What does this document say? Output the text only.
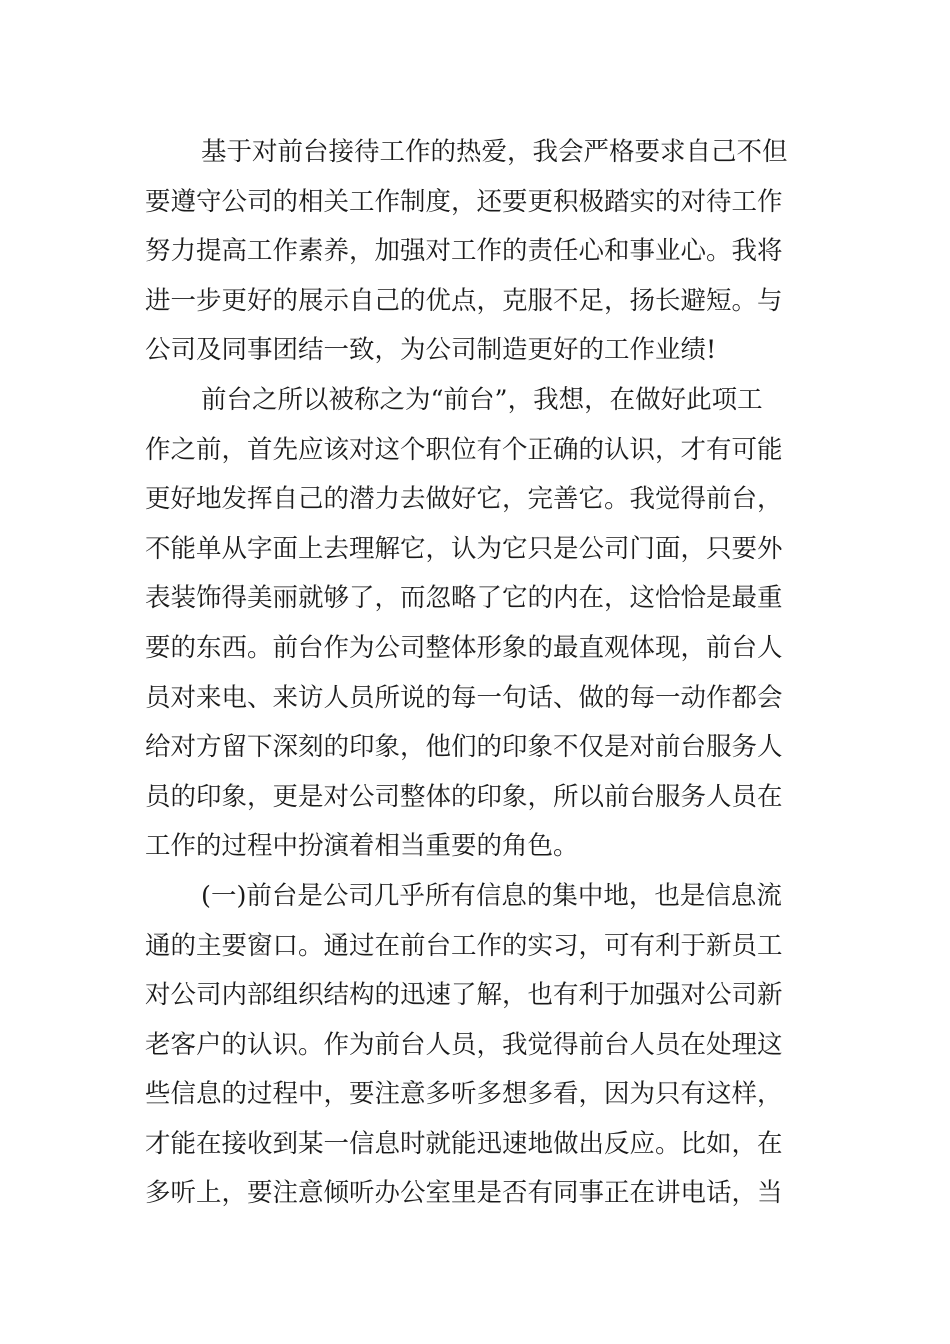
基于对前台接待工作的热爱，我会严格要求自己不但
要遵守公司的相关工作制度，还要更积极踏实的对待工作
努力提高工作素养，加强对工作的责任心和事业心。我将
进一步更好的展示自己的优点，克服不足，扬长避短。与
公司及同事团结一致，为公司制造更好的工作业绩!
前台之所以被称之为“前台”，我想，在做好此项工
作之前，首先应该对这个职位有个正确的认识，才有可能
更好地发挥自己的潜力去做好它，完善它。我觉得前台，
不能单从字面上去理解它，认为它只是公司门面，只要外
表装饰得美丽就够了，而忽略了它的内在，这恰恰是最重
要的东西。前台作为公司整体形象的最直观体现，前台人
员对来电、来访人员所说的每一句话、做的每一动作都会
给对方留下深刻的印象，他们的印象不仅是对前台服务人
员的印象，更是对公司整体的印象，所以前台服务人员在
工作的过程中扮演着相当重要的角色。
(一)前台是公司几乎所有信息的集中地，也是信息流
通的主要窗口。通过在前台工作的实习，可有利于新员工
对公司内部组织结构的迅速了解，也有利于加强对公司新
老客户的认识。作为前台人员，我觉得前台人员在处理这
些信息的过程中，要注意多听多想多看，因为只有这样，
才能在接收到某一信息时就能迅速地做出反应。比如，在
多听上，要注意倾听办公室里是否有同事正在讲电话，当
